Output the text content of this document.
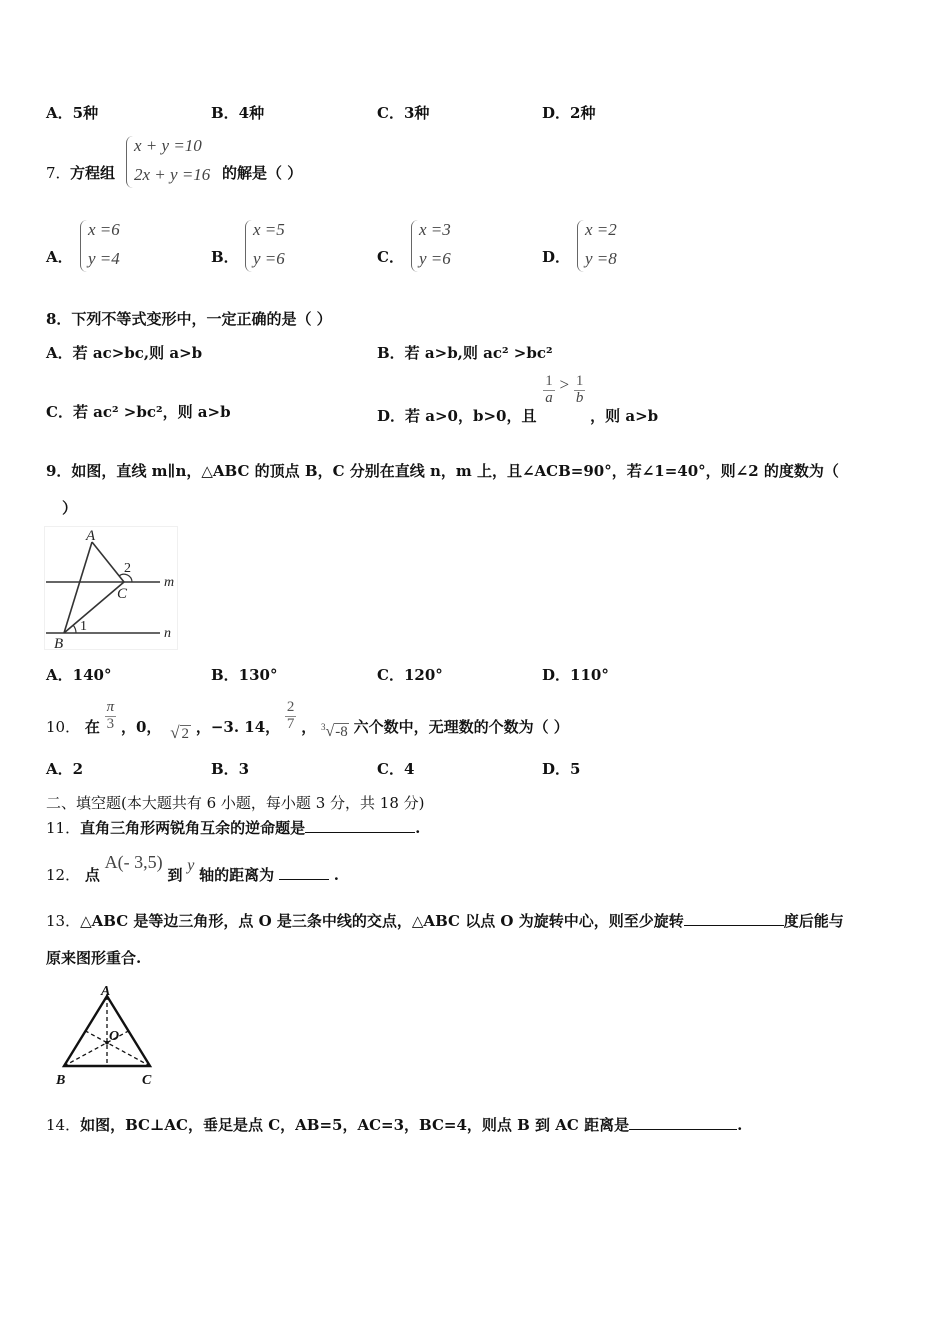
A．5种	B．4种	C．3种	D．2种
7． 方程组
x + y =10
2x + y =16 的解是（ ）
A．
x =6
y =4	B．
x =5
y =6	C．
x =3
y =6	D．
x =2
y =8
8．下列不等式变形中，一定正确的是（ ）
A．若 ac>bc,则 a>b	B．若 a>b,则 ac² >bc²
C．若 ac² >bc²，则 a>b	D．若 a>0，b>0，且
$\frac{1}{a} > \frac{1}{b}$
，则 a>b
9．如图，直线 m∥n，△ABC 的顶点 B，C 分别在直线 n，m 上，且∠ACB=90°，若∠1=40°，则∠2 的度数为（
）
A
C
B
2
1
m
n
A．140°	B．130°	C．120°	D．110°
10． 在 $\frac{\pi}{3}$ ，0， √ 2 ，−3. 14， $\frac{2}{7}$ ， $^3$√-8 六个数中，无理数的个数为（ ）
A．2	B．3	C．4	D．5
二、填空题(本大题共有 6 小题，每小题 3 分，共 18 分)
11．直角三角形两锐角互余的逆命题是	.
12． 点 A(- 3,5) 到 y 轴的距离为	.
13．△ABC 是等边三角形，点 O 是三条中线的交点，△ABC 以点 O 为旋转中心，则至少旋转	度后能与
原来图形重合.
A
O
B	C
14．如图，BC⊥AC，垂足是点 C，AB=5，AC=3，BC=4，则点 B 到 AC 距离是	.
